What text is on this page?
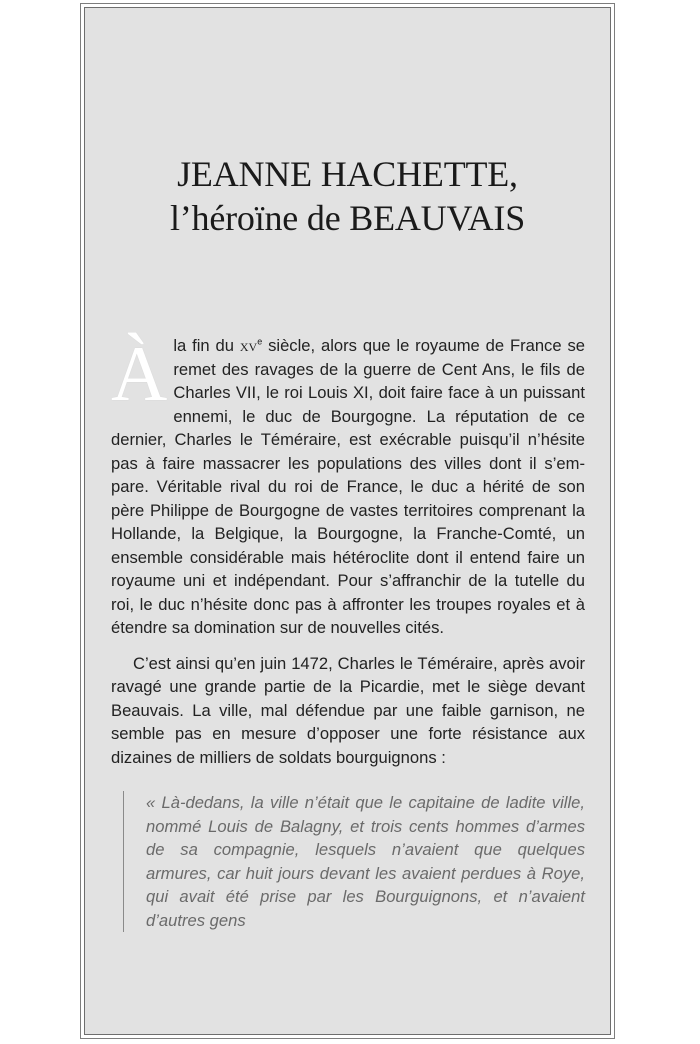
JEANNE HACHETTE,
l’héroïne de BEAUVAIS

Àla fin du $xv^e$ siècle, alors que le royaume de France se remet des ravages de la guerre de Cent Ans, le fils de Charles VII, le roi Louis XI, doit faire face à un puissant ennemi, le duc de Bourgogne. La réputation de ce dernier, Charles le Téméraire, est exécrable puisqu’il n’hésite pas à faire massacrer les populations des villes dont il s’em-pare. Véritable rival du roi de France, le duc a hérité de son père Philippe de Bourgogne de vastes territoires comprenant la Hollande, la Belgique, la Bourgogne, la Franche-Comté, un ensemble considérable mais hétéroclite dont il entend faire un royaume uni et indépendant. Pour s’affranchir de la tutelle du roi, le duc n’hésite donc pas à affronter les troupes royales et à étendre sa domination sur de nouvelles cités.

C’est ainsi qu’en juin 1472, Charles le Téméraire, après avoir ravagé une grande partie de la Picardie, met le siège devant Beauvais. La ville, mal défendue par une faible garnison, ne semble pas en mesure d’opposer une forte résistance aux dizaines de milliers de soldats bourguignons :

« Là-dedans, la ville n’était que le capitaine de ladite ville, nommé Louis de Balagny, et trois cents hommes d’armes de sa compagnie, lesquels n’avaient que quelques armures, car huit jours devant les avaient perdues à Roye, qui avait été prise par les Bourguignons, et n’avaient d’autres gens
